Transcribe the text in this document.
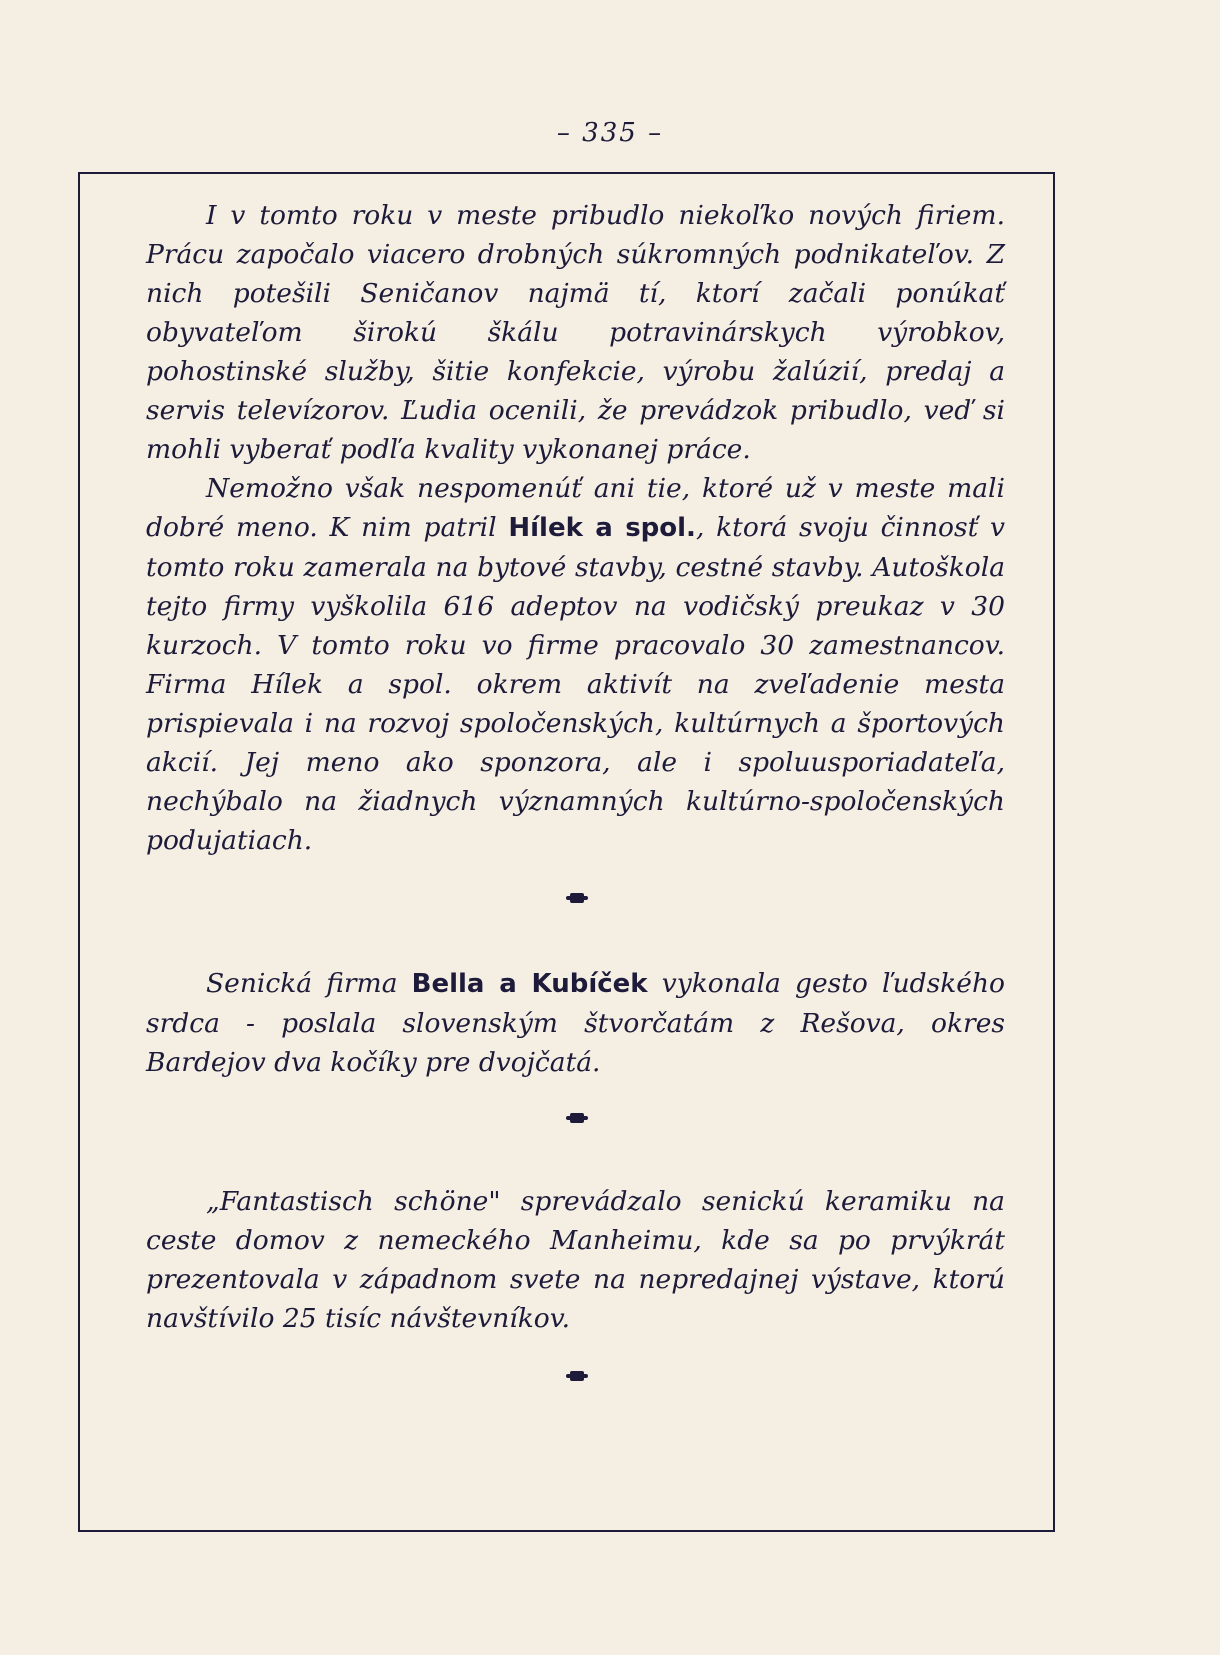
– 335 –

I v tomto roku v meste pribudlo niekoľko nových firiem. Prácu započalo viacero drobných súkromných podnikateľov. Z nich potešili Seničanov najmä tí, ktorí začali ponúkať obyvateľom širokú škálu potravinárskych výrobkov, pohostinské služby, šitie konfekcie, výrobu žalúzií, predaj a servis televízorov. Ľudia ocenili, že prevádzok pribudlo, veď si mohli vyberať podľa kvality vykonanej práce.

Nemožno však nespomenúť ani tie, ktoré už v meste mali dobré meno. K nim patril Hílek a spol., ktorá svoju činnosť v tomto roku zamerala na bytové stavby, cestné stavby. Autoškola tejto firmy vyškolila 616 adeptov na vodičský preukaz v 30 kurzoch. V tomto roku vo firme pracovalo 30 zamestnancov. Firma Hílek a spol. okrem aktivít na zveľadenie mesta prispievala i na rozvoj spoločenských, kultúrnych a športových akcií. Jej meno ako sponzora, ale i spoluusporiadateľa, nechýbalo na žiadnych významných kultúrno-spoločenských podujatiach.

Senická firma Bella a Kubíček vykonala gesto ľudského srdca - poslala slovenským štvorčatám z Rešova, okres Bardejov dva kočíky pre dvojčatá.

„Fantastisch schöne" sprevádzalo senickú keramiku na ceste domov z nemeckého Manheimu, kde sa po prvýkrát prezentovala v západnom svete na nepredajnej výstave, ktorú navštívilo 25 tisíc návštevníkov.
